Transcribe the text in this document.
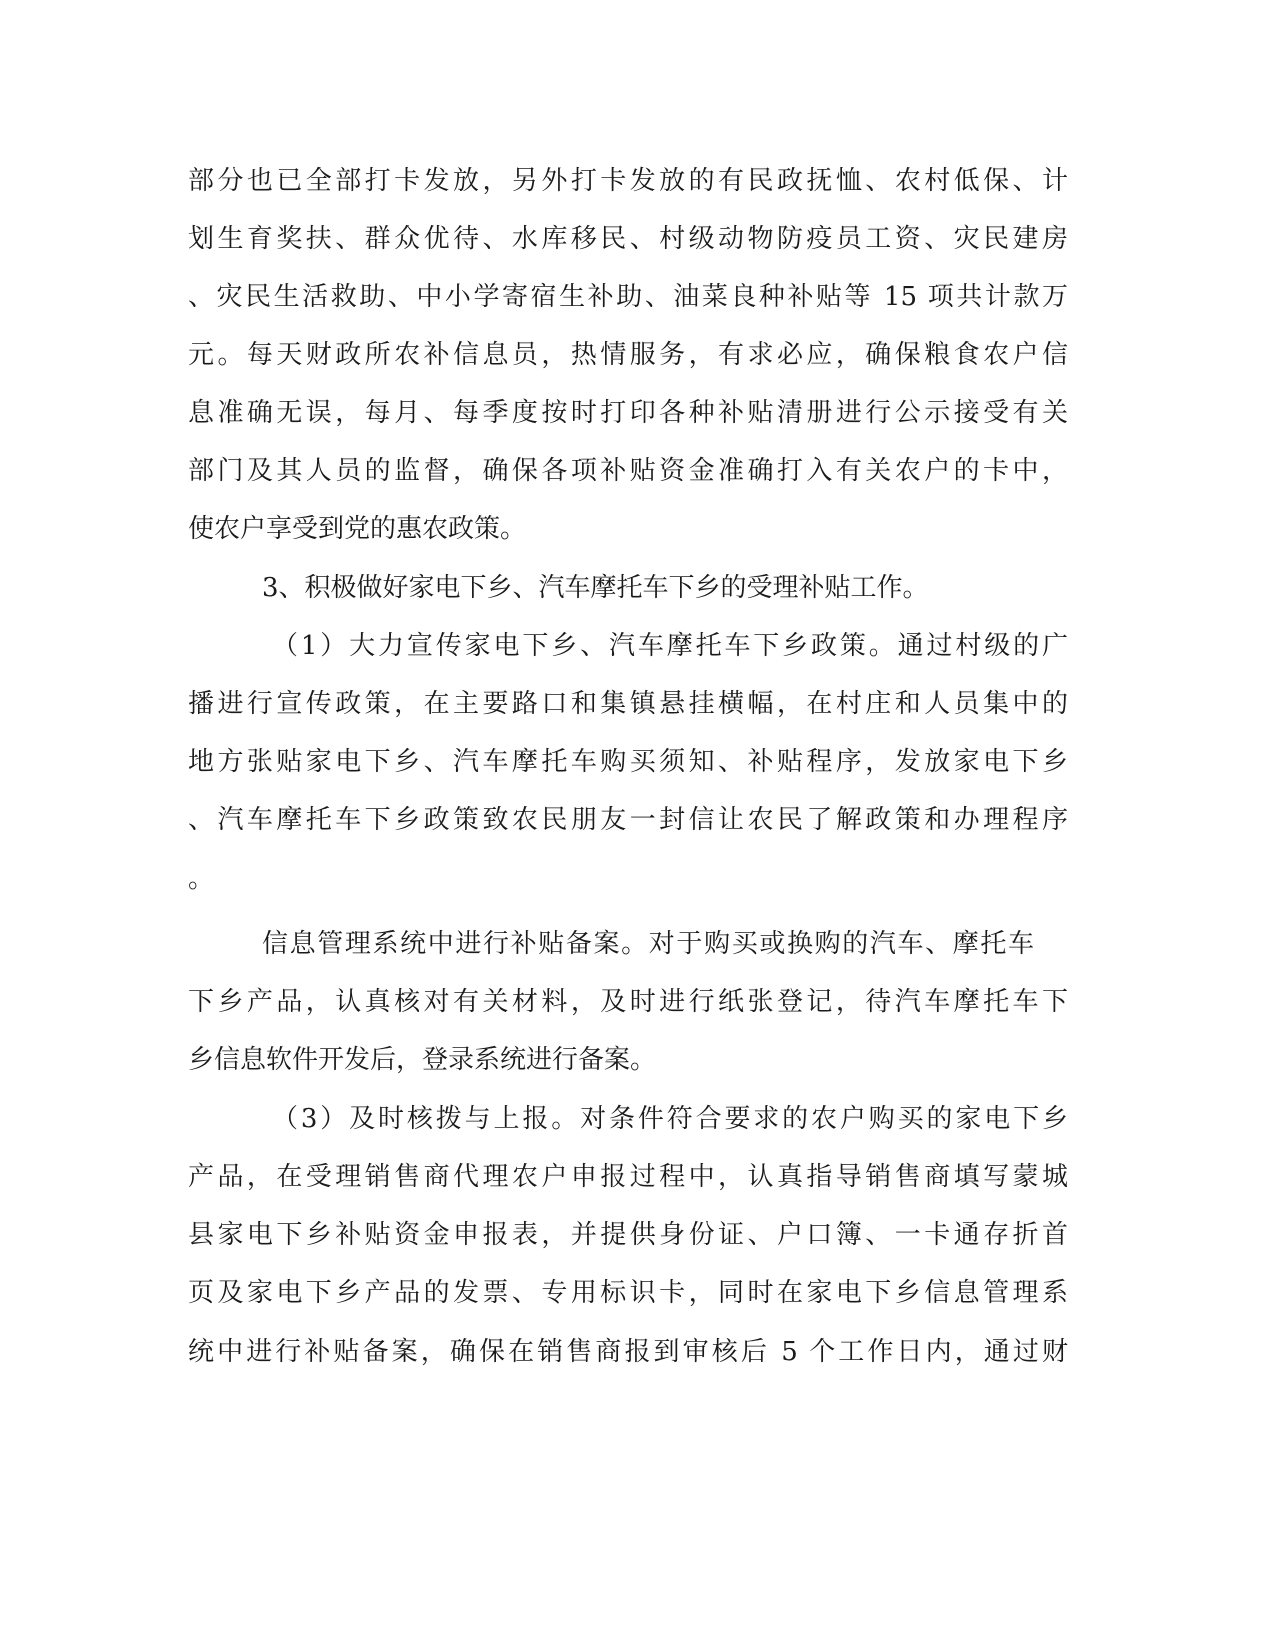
部分也已全部打卡发放，另外打卡发放的有民政抚恤、农村低保、计
划生育奖扶、群众优待、水库移民、村级动物防疫员工资、灾民建房
、灾民生活救助、中小学寄宿生补助、油菜良种补贴等 15 项共计款万
元。每天财政所农补信息员，热情服务，有求必应，确保粮食农户信
息准确无误，每月、每季度按时打印各种补贴清册进行公示接受有关
部门及其人员的监督，确保各项补贴资金准确打入有关农户的卡中，
使农户享受到党的惠农政策。
3、积极做好家电下乡、汽车摩托车下乡的受理补贴工作。
（1）大力宣传家电下乡、汽车摩托车下乡政策。通过村级的广
播进行宣传政策，在主要路口和集镇悬挂横幅，在村庄和人员集中的
地方张贴家电下乡、汽车摩托车购买须知、补贴程序，发放家电下乡
、汽车摩托车下乡政策致农民朋友一封信让农民了解政策和办理程序
。
信息管理系统中进行补贴备案。对于购买或换购的汽车、摩托车
下乡产品，认真核对有关材料，及时进行纸张登记，待汽车摩托车下
乡信息软件开发后，登录系统进行备案。
（3）及时核拨与上报。对条件符合要求的农户购买的家电下乡
产品，在受理销售商代理农户申报过程中，认真指导销售商填写蒙城
县家电下乡补贴资金申报表，并提供身份证、户口簿、一卡通存折首
页及家电下乡产品的发票、专用标识卡，同时在家电下乡信息管理系
统中进行补贴备案，确保在销售商报到审核后 5 个工作日内，通过财
